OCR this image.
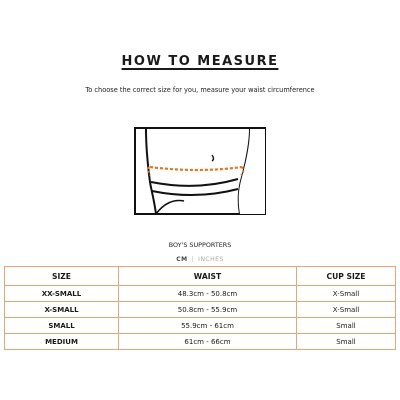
HOW TO MEASURE
To choose the correct size for you, measure your waist circumference
BOY'S SUPPORTERS
CM | INCHES
SIZE	WAIST	CUP SIZE
XX-SMALL	48.3cm - 50.8cm	X-Small
X-SMALL	50.8cm - 55.9cm	X-Small
SMALL	55.9cm - 61cm	Small
MEDIUM	61cm - 66cm	Small
